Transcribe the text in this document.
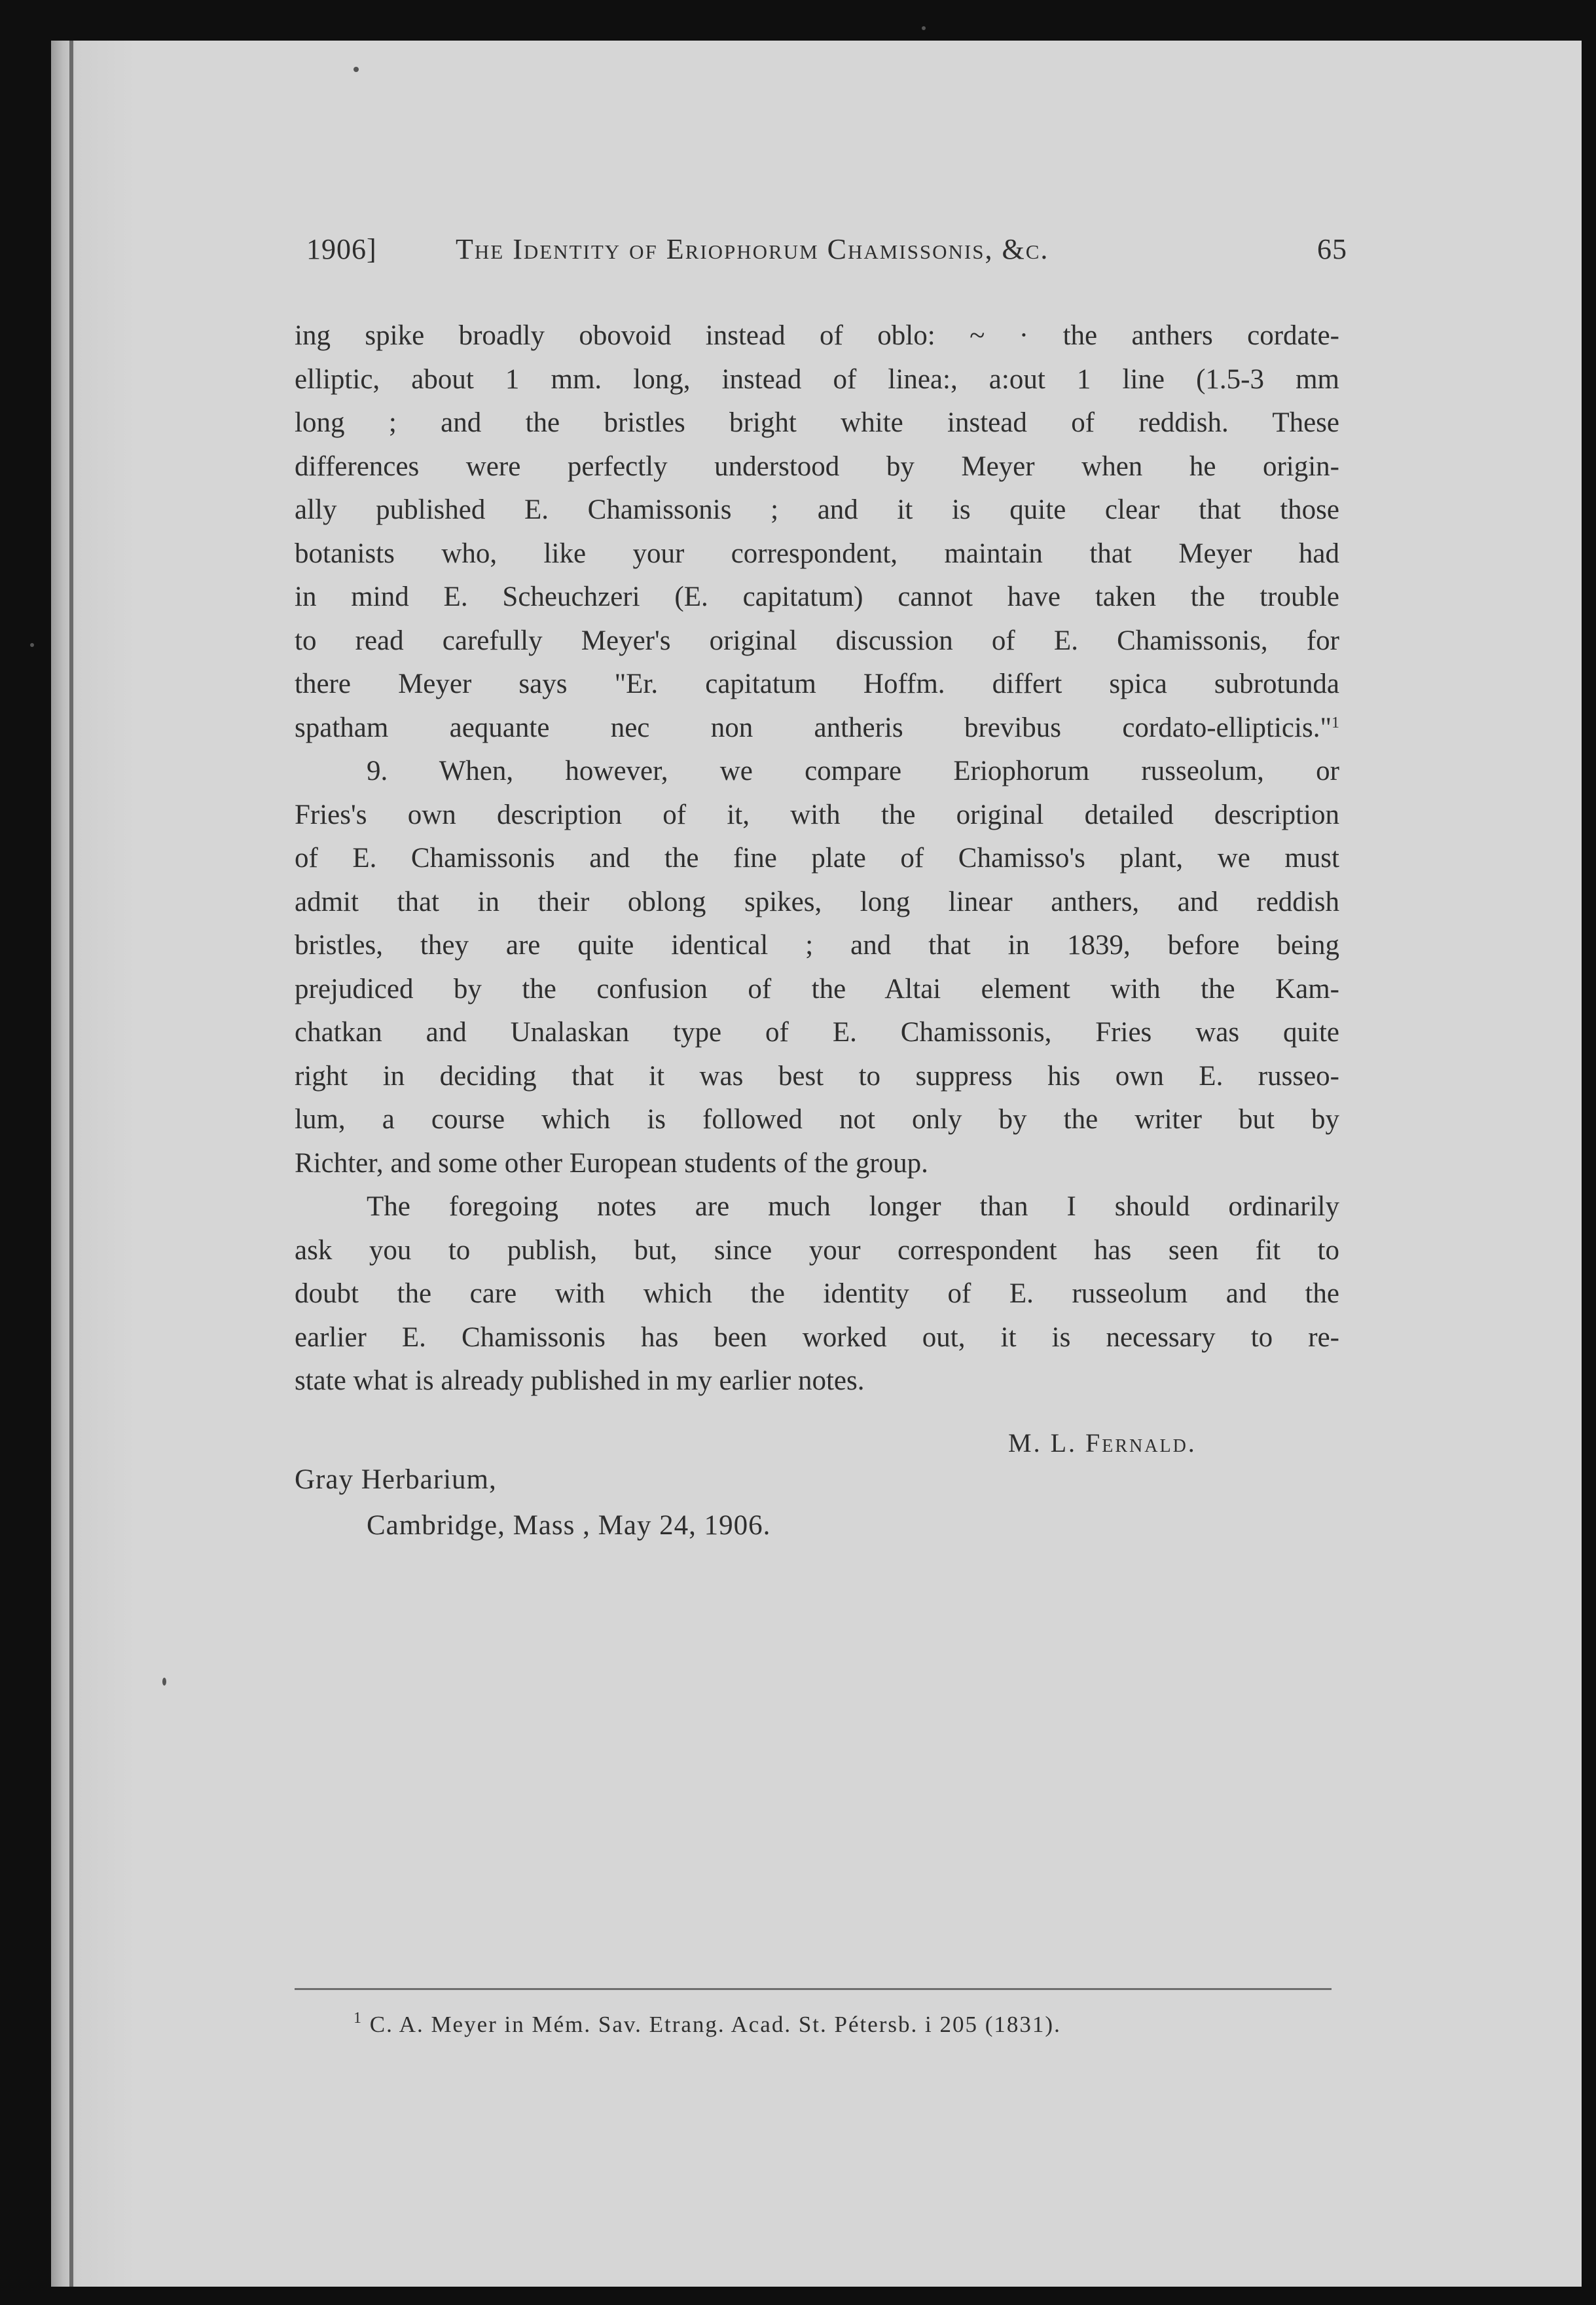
1906]	The Identity of Eriophorum Chamissonis, &c.	65
ing spike broadly obovoid instead of oblo: ~ · the anthers cordate-
elliptic, about 1 mm. long, instead of linea:, a:out 1 line (1.5-3 mm
long ; and the bristles bright white instead of reddish. These
differences were perfectly understood by Meyer when he origin-
ally published E. Chamissonis ; and it is quite clear that those
botanists who, like your correspondent, maintain that Meyer had
in mind E. Scheuchzeri (E. capitatum) cannot have taken the trouble
to read carefully Meyer's original discussion of E. Chamissonis, for
there Meyer says "Er. capitatum Hoffm. differt spica subrotunda
spatham aequante nec non antheris brevibus cordato-ellipticis."$^1$
9. When, however, we compare Eriophorum russeolum, or
Fries's own description of it, with the original detailed description
of E. Chamissonis and the fine plate of Chamisso's plant, we must
admit that in their oblong spikes, long linear anthers, and reddish
bristles, they are quite identical ; and that in 1839, before being
prejudiced by the confusion of the Altai element with the Kam-
chatkan and Unalaskan type of E. Chamissonis, Fries was quite
right in deciding that it was best to suppress his own E. russeo-
lum, a course which is followed not only by the writer but by
Richter, and some other European students of the group.
The foregoing notes are much longer than I should ordinarily
ask you to publish, but, since your correspondent has seen fit to
doubt the care with which the identity of E. russeolum and the
earlier E. Chamissonis has been worked out, it is necessary to re-
state what is already published in my earlier notes.
M. L. Fernald.
Gray Herbarium,
Cambridge, Mass , May 24, 1906.
$^1$ C. A. Meyer in Mém. Sav. Etrang. Acad. St. Pétersb. i 205 (1831).
